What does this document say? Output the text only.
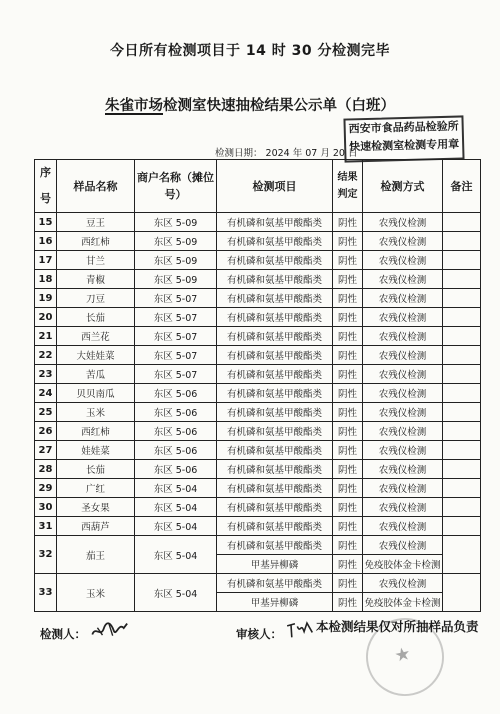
今日所有检测项目于 14 时 30 分检测完毕
朱雀市场检测室快速抽检结果公示单（白班）
西安市食品药品检验所
快速检测室检测专用章
检测日期： 2024 年 07 月 20 日
序号	样品名称	商户名称（摊位号）	检测项目	结果判定	检测方式	备注
15	豆王	东区 5-09	有机磷和氨基甲酸酯类	阴性	农残仪检测	
16	西红柿	东区 5-09	有机磷和氨基甲酸酯类	阴性	农残仪检测	
17	甘兰	东区 5-09	有机磷和氨基甲酸酯类	阴性	农残仪检测	
18	青椒	东区 5-09	有机磷和氨基甲酸酯类	阴性	农残仪检测	
19	刀豆	东区 5-07	有机磷和氨基甲酸酯类	阴性	农残仪检测	
20	长茄	东区 5-07	有机磷和氨基甲酸酯类	阴性	农残仪检测	
21	西兰花	东区 5-07	有机磷和氨基甲酸酯类	阴性	农残仪检测	
22	大娃娃菜	东区 5-07	有机磷和氨基甲酸酯类	阴性	农残仪检测	
23	苦瓜	东区 5-07	有机磷和氨基甲酸酯类	阴性	农残仪检测	
24	贝贝南瓜	东区 5-06	有机磷和氨基甲酸酯类	阴性	农残仪检测	
25	玉米	东区 5-06	有机磷和氨基甲酸酯类	阴性	农残仪检测	
26	西红柿	东区 5-06	有机磷和氨基甲酸酯类	阴性	农残仪检测	
27	娃娃菜	东区 5-06	有机磷和氨基甲酸酯类	阴性	农残仪检测	
28	长茄	东区 5-06	有机磷和氨基甲酸酯类	阴性	农残仪检测	
29	广红	东区 5-04	有机磷和氨基甲酸酯类	阴性	农残仪检测	
30	圣女果	东区 5-04	有机磷和氨基甲酸酯类	阴性	农残仪检测	
31	西葫芦	东区 5-04	有机磷和氨基甲酸酯类	阴性	农残仪检测	
32	茄王	东区 5-04	有机磷和氨基甲酸酯类	阴性	农残仪检测	
			甲基异柳磷	阴性	免疫胶体金卡检测	
33	玉米	东区 5-04	有机磷和氨基甲酸酯类	阴性	农残仪检测	
			甲基异柳磷	阴性	免疫胶体金卡检测	
检测人：	审核人：
★
本检测结果仅对所抽样品负责
